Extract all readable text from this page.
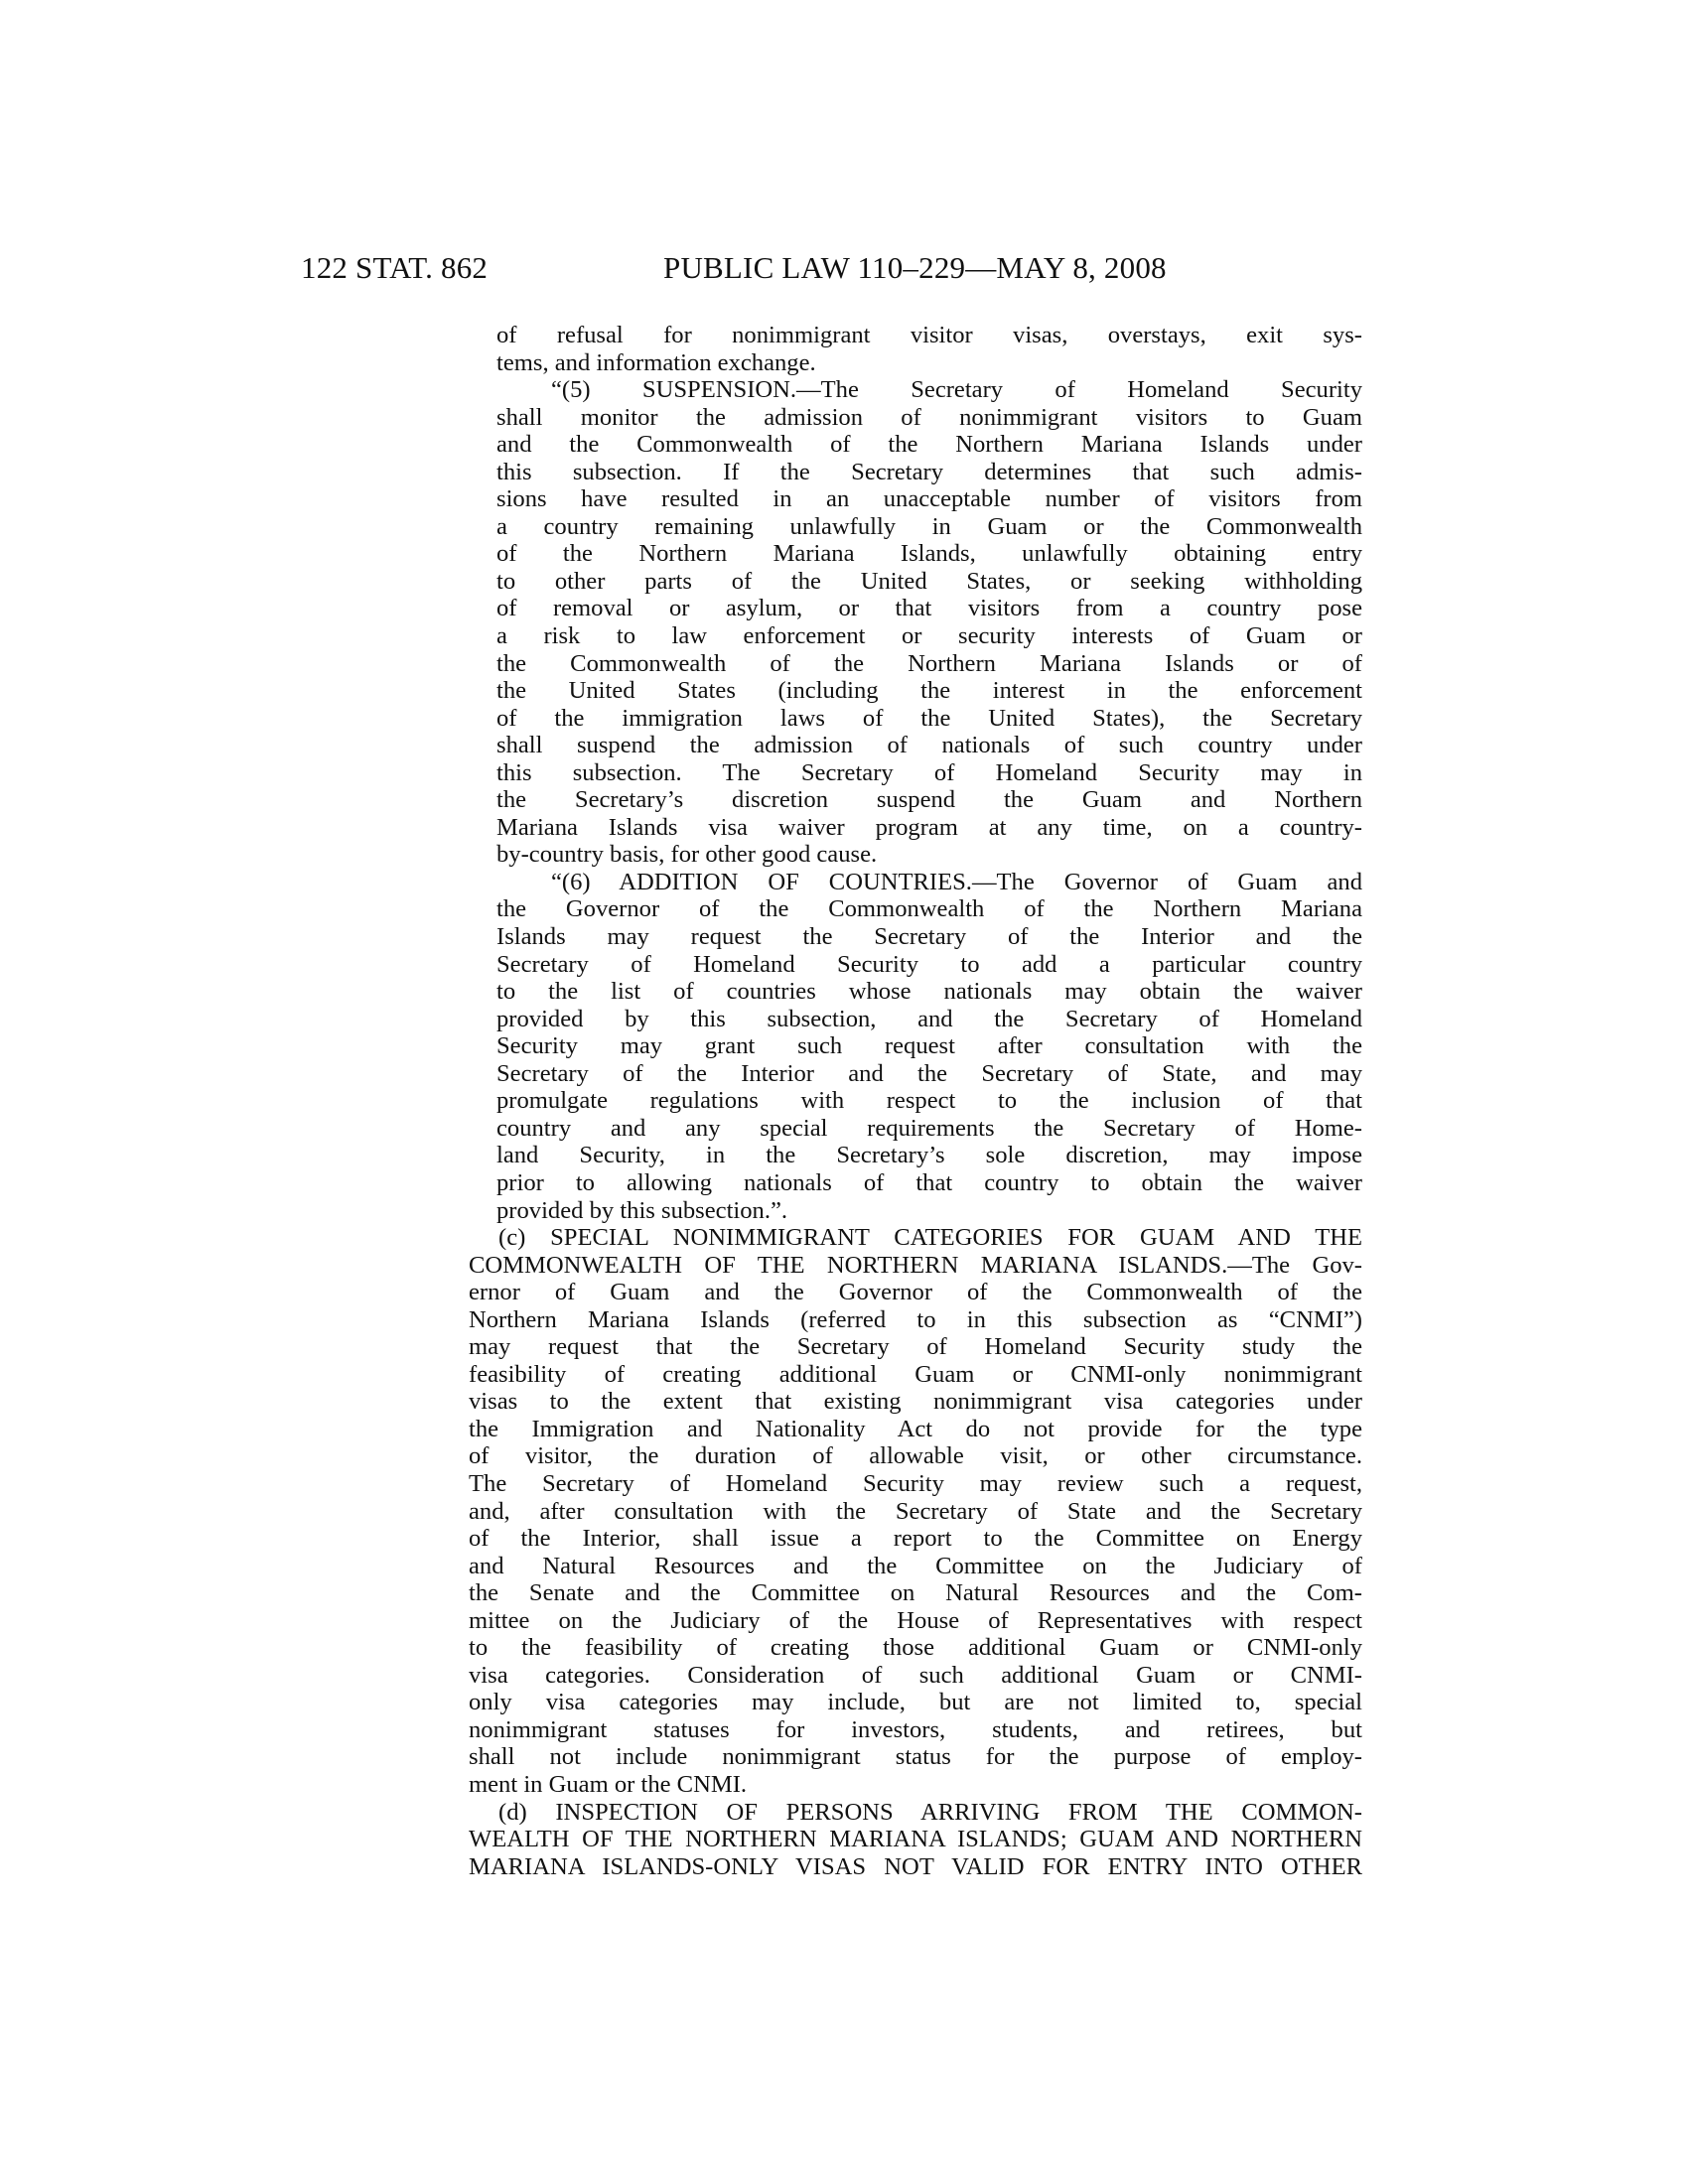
122 STAT. 862	PUBLIC LAW 110–229—MAY 8, 2008
of refusal for nonimmigrant visitor visas, overstays, exit sys-
tems, and information exchange.
“(5) SUSPENSION.—The Secretary of Homeland Security
shall monitor the admission of nonimmigrant visitors to Guam
and the Commonwealth of the Northern Mariana Islands under
this subsection. If the Secretary determines that such admis-
sions have resulted in an unacceptable number of visitors from
a country remaining unlawfully in Guam or the Commonwealth
of the Northern Mariana Islands, unlawfully obtaining entry
to other parts of the United States, or seeking withholding
of removal or asylum, or that visitors from a country pose
a risk to law enforcement or security interests of Guam or
the Commonwealth of the Northern Mariana Islands or of
the United States (including the interest in the enforcement
of the immigration laws of the United States), the Secretary
shall suspend the admission of nationals of such country under
this subsection. The Secretary of Homeland Security may in
the Secretary’s discretion suspend the Guam and Northern
Mariana Islands visa waiver program at any time, on a country-
by-country basis, for other good cause.
“(6) ADDITION OF COUNTRIES.—The Governor of Guam and
the Governor of the Commonwealth of the Northern Mariana
Islands may request the Secretary of the Interior and the
Secretary of Homeland Security to add a particular country
to the list of countries whose nationals may obtain the waiver
provided by this subsection, and the Secretary of Homeland
Security may grant such request after consultation with the
Secretary of the Interior and the Secretary of State, and may
promulgate regulations with respect to the inclusion of that
country and any special requirements the Secretary of Home-
land Security, in the Secretary’s sole discretion, may impose
prior to allowing nationals of that country to obtain the waiver
provided by this subsection.”.
(c) SPECIAL NONIMMIGRANT CATEGORIES FOR GUAM AND THE
COMMONWEALTH OF THE NORTHERN MARIANA ISLANDS.—The Gov-
ernor of Guam and the Governor of the Commonwealth of the
Northern Mariana Islands (referred to in this subsection as “CNMI”)
may request that the Secretary of Homeland Security study the
feasibility of creating additional Guam or CNMI-only nonimmigrant
visas to the extent that existing nonimmigrant visa categories under
the Immigration and Nationality Act do not provide for the type
of visitor, the duration of allowable visit, or other circumstance.
The Secretary of Homeland Security may review such a request,
and, after consultation with the Secretary of State and the Secretary
of the Interior, shall issue a report to the Committee on Energy
and Natural Resources and the Committee on the Judiciary of
the Senate and the Committee on Natural Resources and the Com-
mittee on the Judiciary of the House of Representatives with respect
to the feasibility of creating those additional Guam or CNMI-only
visa categories. Consideration of such additional Guam or CNMI-
only visa categories may include, but are not limited to, special
nonimmigrant statuses for investors, students, and retirees, but
shall not include nonimmigrant status for the purpose of employ-
ment in Guam or the CNMI.
(d) INSPECTION OF PERSONS ARRIVING FROM THE COMMON-
WEALTH OF THE NORTHERN MARIANA ISLANDS; GUAM AND NORTHERN
MARIANA ISLANDS-ONLY VISAS NOT VALID FOR ENTRY INTO OTHER
